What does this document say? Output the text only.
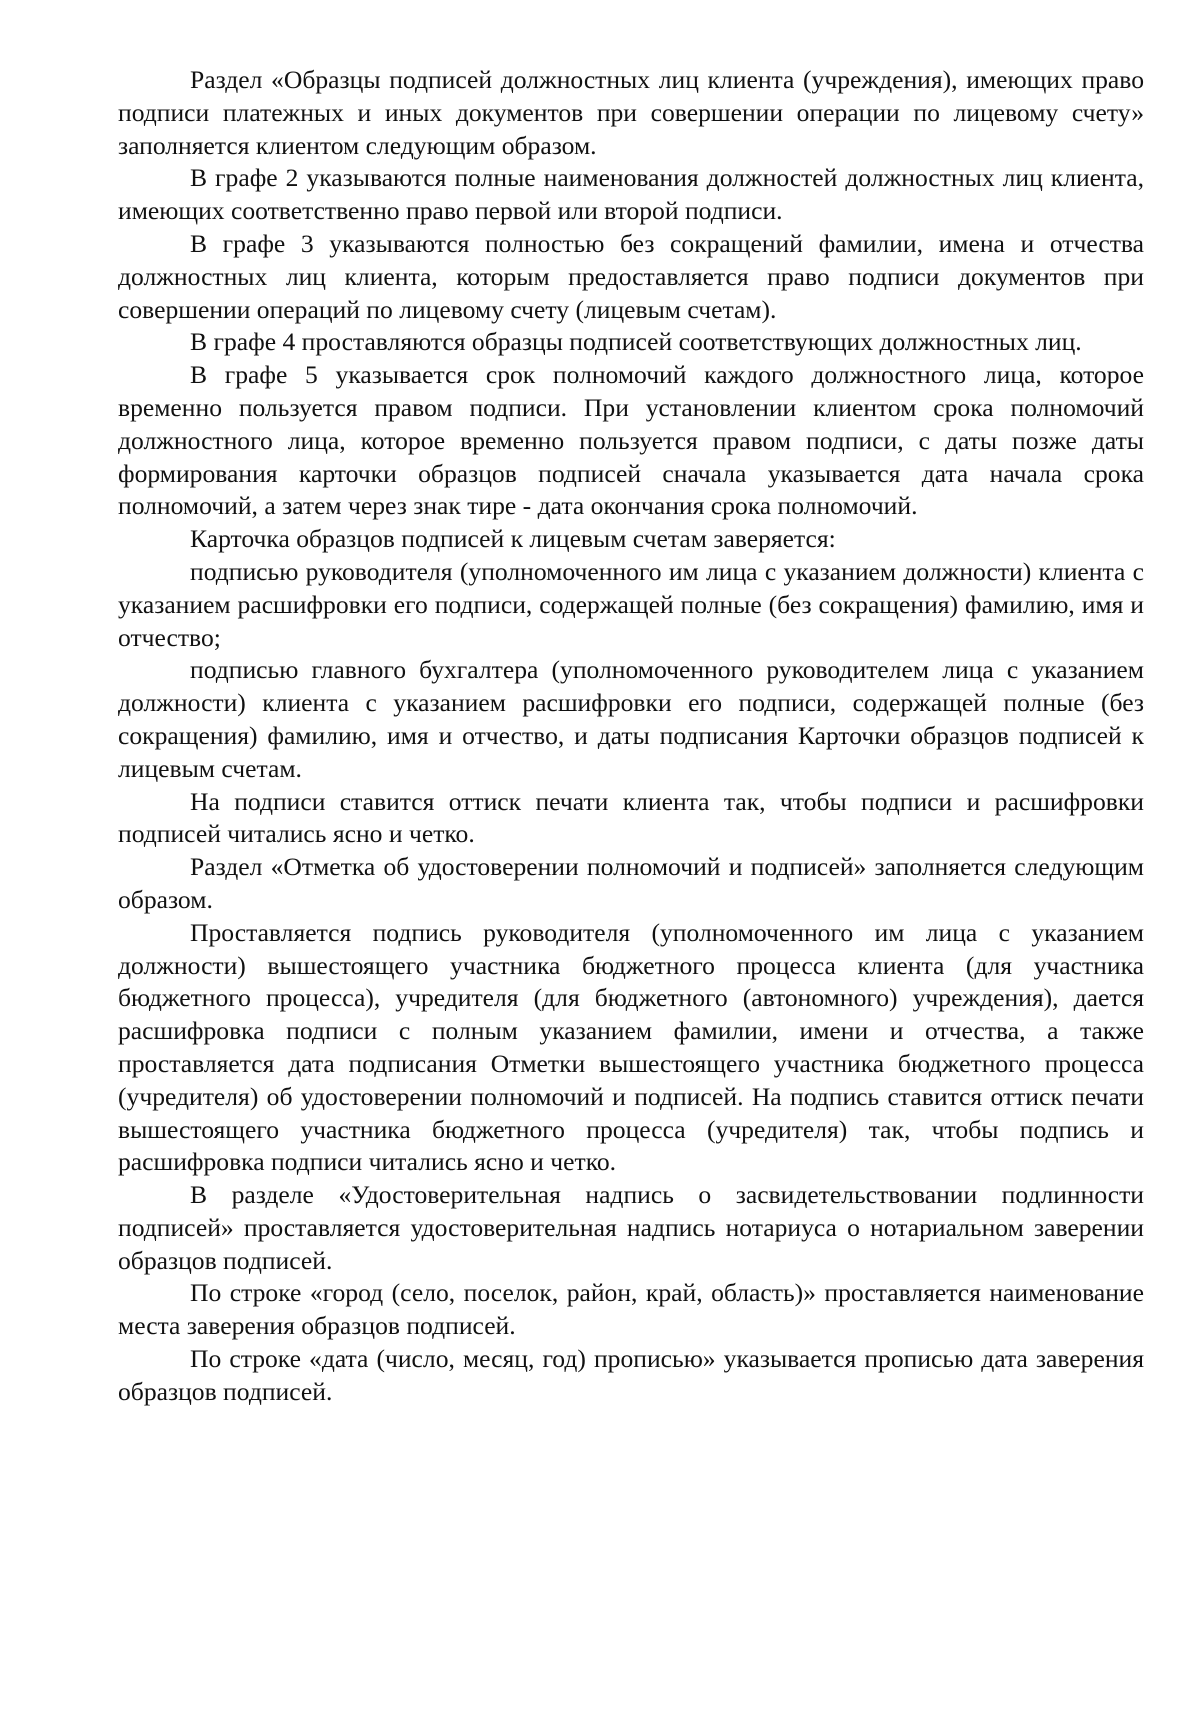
Раздел «Образцы подписей должностных лиц клиента (учреждения), имеющих право подписи платежных и иных документов при совершении операции по лицевому счету» заполняется клиентом следующим образом.

В графе 2 указываются полные наименования должностей должностных лиц клиента, имеющих соответственно право первой или второй подписи.

В графе 3 указываются полностью без сокращений фамилии, имена и отчества должностных лиц клиента, которым предоставляется право подписи документов при совершении операций по лицевому счету (лицевым счетам).

В графе 4 проставляются образцы подписей соответствующих должностных лиц.

В графе 5 указывается срок полномочий каждого должностного лица, которое временно пользуется правом подписи. При установлении клиентом срока полномочий должностного лица, которое временно пользуется правом подписи, с даты позже даты формирования карточки образцов подписей сначала указывается дата начала срока полномочий, а затем через знак тире - дата окончания срока полномочий.

Карточка образцов подписей к лицевым счетам заверяется:

подписью руководителя (уполномоченного им лица с указанием должности) клиента с указанием расшифровки его подписи, содержащей полные (без сокращения) фамилию, имя и отчество;

подписью главного бухгалтера (уполномоченного руководителем лица с указанием должности) клиента с указанием расшифровки его подписи, содержащей полные (без сокращения) фамилию, имя и отчество, и даты подписания Карточки образцов подписей к лицевым счетам.

На подписи ставится оттиск печати клиента так, чтобы подписи и расшифровки подписей читались ясно и четко.

Раздел «Отметка об удостоверении полномочий и подписей» заполняется следующим образом.

Проставляется подпись руководителя (уполномоченного им лица с указанием должности) вышестоящего участника бюджетного процесса клиента (для участника бюджетного процесса), учредителя (для бюджетного (автономного) учреждения), дается расшифровка подписи с полным указанием фамилии, имени и отчества, а также проставляется дата подписания Отметки вышестоящего участника бюджетного процесса (учредителя) об удостоверении полномочий и подписей. На подпись ставится оттиск печати вышестоящего участника бюджетного процесса (учредителя) так, чтобы подпись и расшифровка подписи читались ясно и четко.

В разделе «Удостоверительная надпись о засвидетельствовании подлинности подписей» проставляется удостоверительная надпись нотариуса о нотариальном заверении образцов подписей.

По строке «город (село, поселок, район, край, область)» проставляется наименование места заверения образцов подписей.

По строке «дата (число, месяц, год) прописью» указывается прописью дата заверения образцов подписей.
